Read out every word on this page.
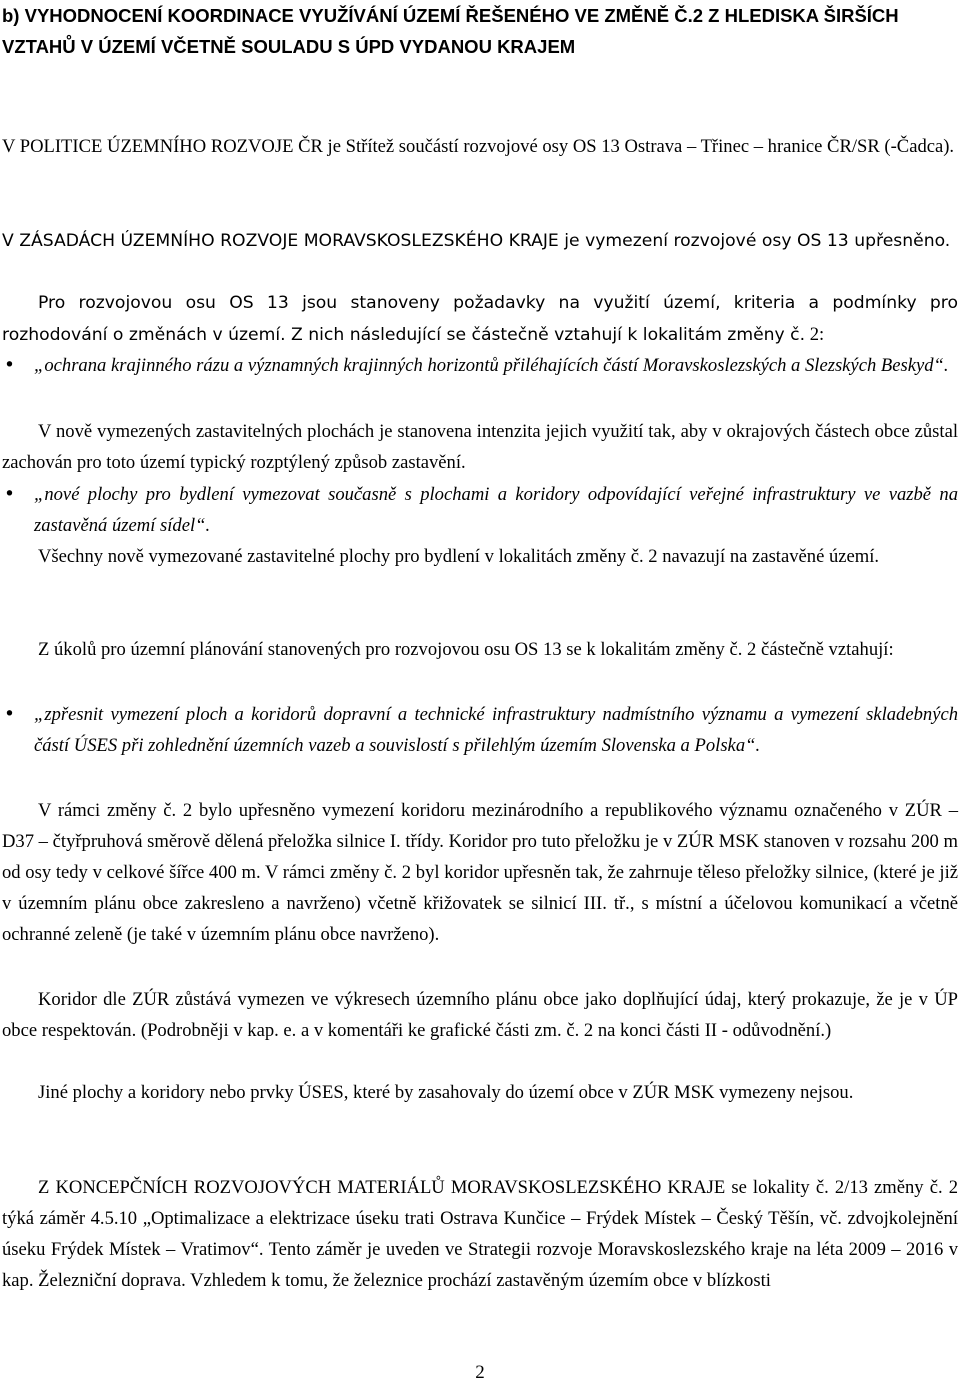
b) VYHODNOCENÍ KOORDINACE VYUŽÍVÁNÍ ÚZEMÍ ŘEŠENÉHO VE ZMĚNĚ Č.2 Z HLEDISKA ŠIRŠÍCH VZTAHŮ V ÚZEMÍ VČETNĚ SOULADU S ÚPD VYDANOU KRAJEM

V POLITICE ÚZEMNÍHO ROZVOJE ČR je Střítež součástí rozvojové osy OS 13 Ostrava – Třinec – hranice ČR/SR (-Čadca).

V ZÁSADÁCH ÚZEMNÍHO ROZVOJE MORAVSKOSLEZSKÉHO KRAJE je vymezení rozvojové osy OS 13 upřesněno.

Pro rozvojovou osu OS 13 jsou stanoveny požadavky na využití území, kriteria a podmínky pro rozhodování o změnách v území. Z nich následující se částečně vztahují k lokalitám změny č. 2:

• „ochrana krajinného rázu a významných krajinných horizontů přiléhajících částí Moravskoslezských a Slezských Beskyd“.

V nově vymezených zastavitelných plochách je stanovena intenzita jejich využití tak, aby v okrajových částech obce zůstal zachován pro toto území typický rozptýlený způsob zastavění.

• „nové plochy pro bydlení vymezovat současně s plochami a koridory odpovídající veřejné infrastruktury ve vazbě na zastavěná území sídel“.

Všechny nově vymezované zastavitelné plochy pro bydlení v lokalitách změny č. 2 navazují na zastavěné území.

Z úkolů pro územní plánování stanovených pro rozvojovou osu OS 13 se k lokalitám změny č. 2 částečně vztahují:

• „zpřesnit vymezení ploch a koridorů dopravní a technické infrastruktury nadmístního významu a vymezení skladebných částí ÚSES při zohlednění územních vazeb a souvislostí s přilehlým územím Slovenska a Polska“.

V rámci změny č. 2 bylo upřesněno vymezení koridoru mezinárodního a republikového významu označeného v ZÚR – D37 – čtyřpruhová směrově dělená přeložka silnice I. třídy. Koridor pro tuto přeložku je v ZÚR MSK stanoven v rozsahu 200 m od osy tedy v celkové šířce 400 m. V rámci změny č. 2 byl koridor upřesněn tak, že zahrnuje těleso přeložky silnice, (které je již v územním plánu obce zakresleno a navrženo) včetně křižovatek se silnicí III. tř., s místní a účelovou komunikací a včetně ochranné zeleně (je také v územním plánu obce navrženo).

Koridor dle ZÚR zůstává vymezen ve výkresech územního plánu obce jako doplňující údaj, který prokazuje, že je v ÚP obce respektován. (Podrobněji v kap. e. a v komentáři ke grafické části zm. č. 2 na konci části II - odůvodnění.)

Jiné plochy a koridory nebo prvky ÚSES, které by zasahovaly do území obce v ZÚR MSK vymezeny nejsou.

Z KONCEPČNÍCH ROZVOJOVÝCH MATERIÁLŮ MORAVSKOSLEZSKÉHO KRAJE se lokality č. 2/13 změny č. 2 týká záměr 4.5.10 „Optimalizace a elektrizace úseku trati Ostrava Kunčice – Frýdek Místek – Český Těšín, vč. zdvojkolejnění úseku Frýdek Místek – Vratimov“. Tento záměr je uveden ve Strategii rozvoje Moravskoslezského kraje na léta 2009 – 2016 v kap. Železniční doprava. Vzhledem k tomu, že železnice prochází zastavěným územím obce v blízkosti

2
